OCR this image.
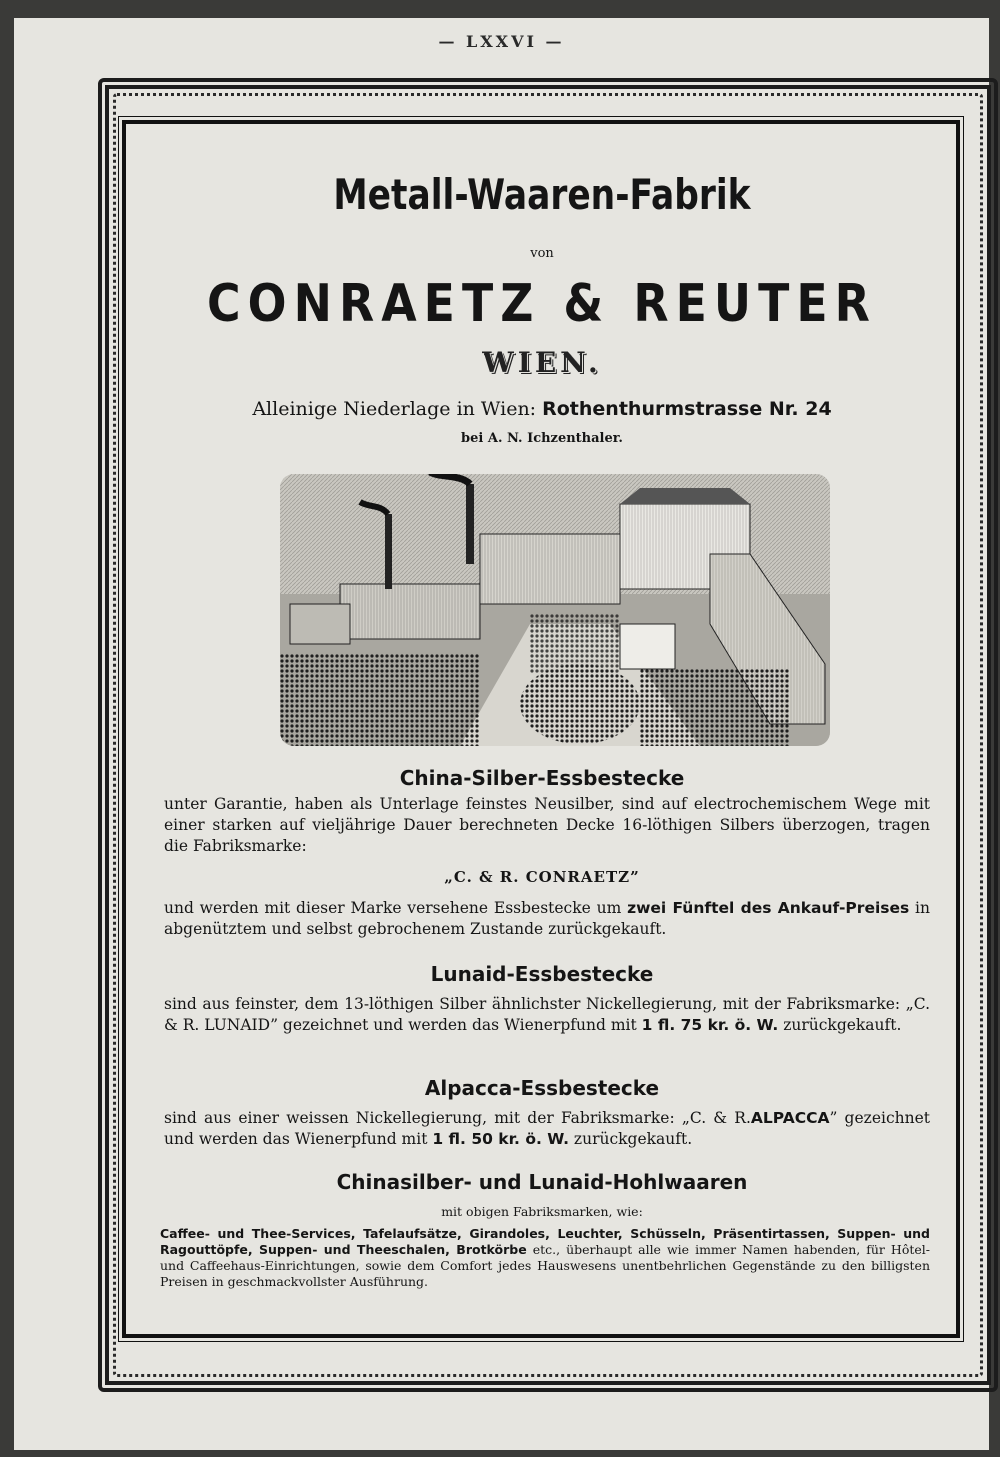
— LXXVI —
Metall-Waaren-Fabrik
von
CONRAETZ & REUTER
WIEN.
Alleinige Niederlage in Wien: Rothenthurmstrasse Nr. 24
bei A. N. Ichzenthaler.
China-Silber-Essbestecke
unter Garantie, haben als Unterlage feinstes Neusilber, sind auf electrochemischem Wege mit einer starken auf vieljährige Dauer berechneten Decke 16-löthigen Silbers überzogen, tragen die Fabriksmarke:
„C. & R. CONRAETZ”
und werden mit dieser Marke versehene Essbestecke um zwei Fünftel des Ankauf-Preises in abgenütztem und selbst gebrochenem Zustande zurückgekauft.
Lunaid-Essbestecke
sind aus feinster, dem 13-löthigen Silber ähnlichster Nickellegierung, mit der Fabriksmarke: „C. & R. LUNAID” gezeichnet und werden das Wienerpfund mit 1 fl. 75 kr. ö. W. zurückgekauft.
Alpacca-Essbestecke
sind aus einer weissen Nickellegierung, mit der Fabriksmarke: „C. & R.ALPACCA” gezeichnet und werden das Wienerpfund mit 1 fl. 50 kr. ö. W. zurückgekauft.
Chinasilber- und Lunaid-Hohlwaaren
mit obigen Fabriksmarken, wie:
Caffee- und Thee-Services, Tafelaufsätze, Girandoles, Leuchter, Schüsseln, Präsentirtassen, Suppen- und Ragouttöpfe, Suppen- und Theeschalen, Brotkörbe etc., überhaupt alle wie immer Namen habenden, für Hôtel- und Caffeehaus-Einrichtungen, sowie dem Comfort jedes Hauswesens unentbehrlichen Gegenstände zu den billigsten Preisen in geschmackvollster Ausführung.
